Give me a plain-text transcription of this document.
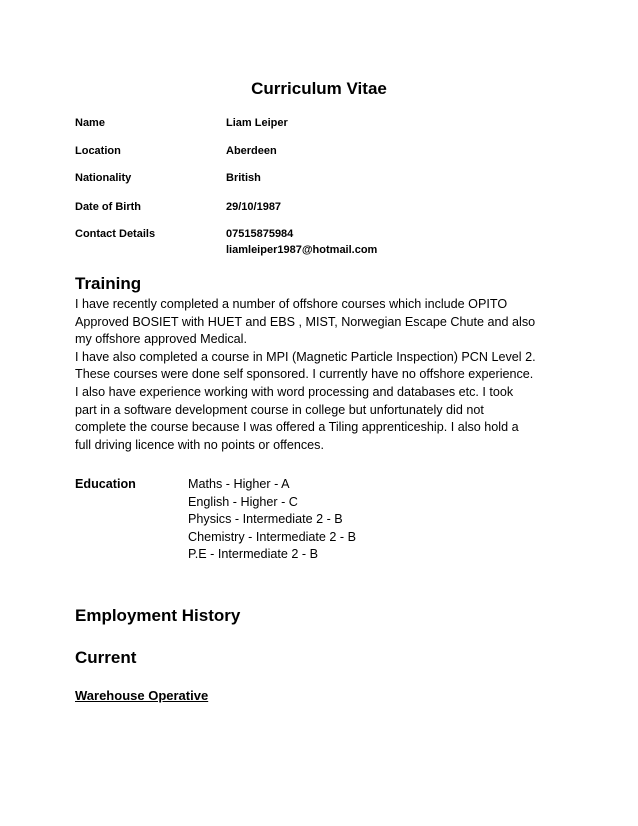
Curriculum Vitae
Name	Liam Leiper
Location	Aberdeen
Nationality	British
Date of Birth	29/10/1987
Contact Details	07515875984
liamleiper1987@hotmail.com
Training
I have recently completed a number of offshore courses which include OPITO
Approved BOSIET with HUET and EBS , MIST, Norwegian Escape Chute and also
my offshore approved Medical.
I have also completed a course in MPI (Magnetic Particle Inspection) PCN Level 2.
These courses were done self sponsored. I currently have no offshore experience.
I also have experience working with word processing and databases etc. I took
part in a software development course in college but unfortunately did not
complete the course because I was offered a Tiling apprenticeship. I also hold a
full driving licence with no points or offences.
Education	Maths - Higher - A
English - Higher - C
Physics - Intermediate 2 - B
Chemistry - Intermediate 2 - B
P.E - Intermediate 2 - B
Employment History
Current
Warehouse Operative
